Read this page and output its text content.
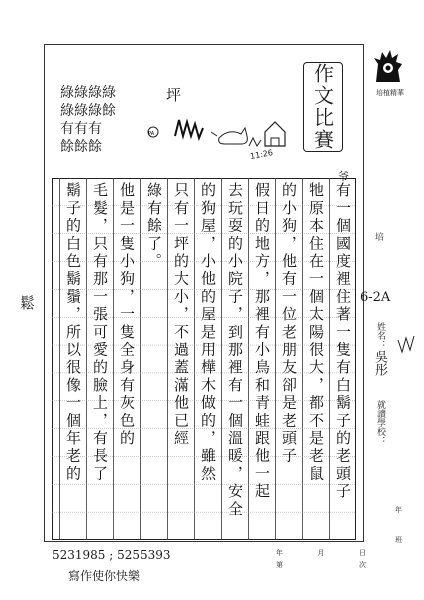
培植精華
作文比賽
綠綠綠綠
綠綠綠餘
有有有
餘餘餘
坪
PA
11:26
有一個國度裡住著一隻有白鬍子的老頭子
牠原本住在一個太陽很大，都不是老鼠
的小狗，他有一位老朋友卻是老頭子
假日的地方，那裡有小鳥和青蛙跟他一起
去玩耍的小院子，到那裡有一個溫暖，安全
的狗屋，小他的屋是用樺木做的，雖然
只有一坪的大小，不過蓋滿他已經
綠有餘了。
他是一隻小狗，一隻全身有灰色的
毛髮，只有那一張可愛的臉上，有長了
鬍子的白色鬍鬚，所以很像一個年老的
鬆
爷
培
6-2A
姓名：
吳彤
就讀學校：
年
班
5231985 ; 5255393
寫作使你快樂
年	月	日
第	次
